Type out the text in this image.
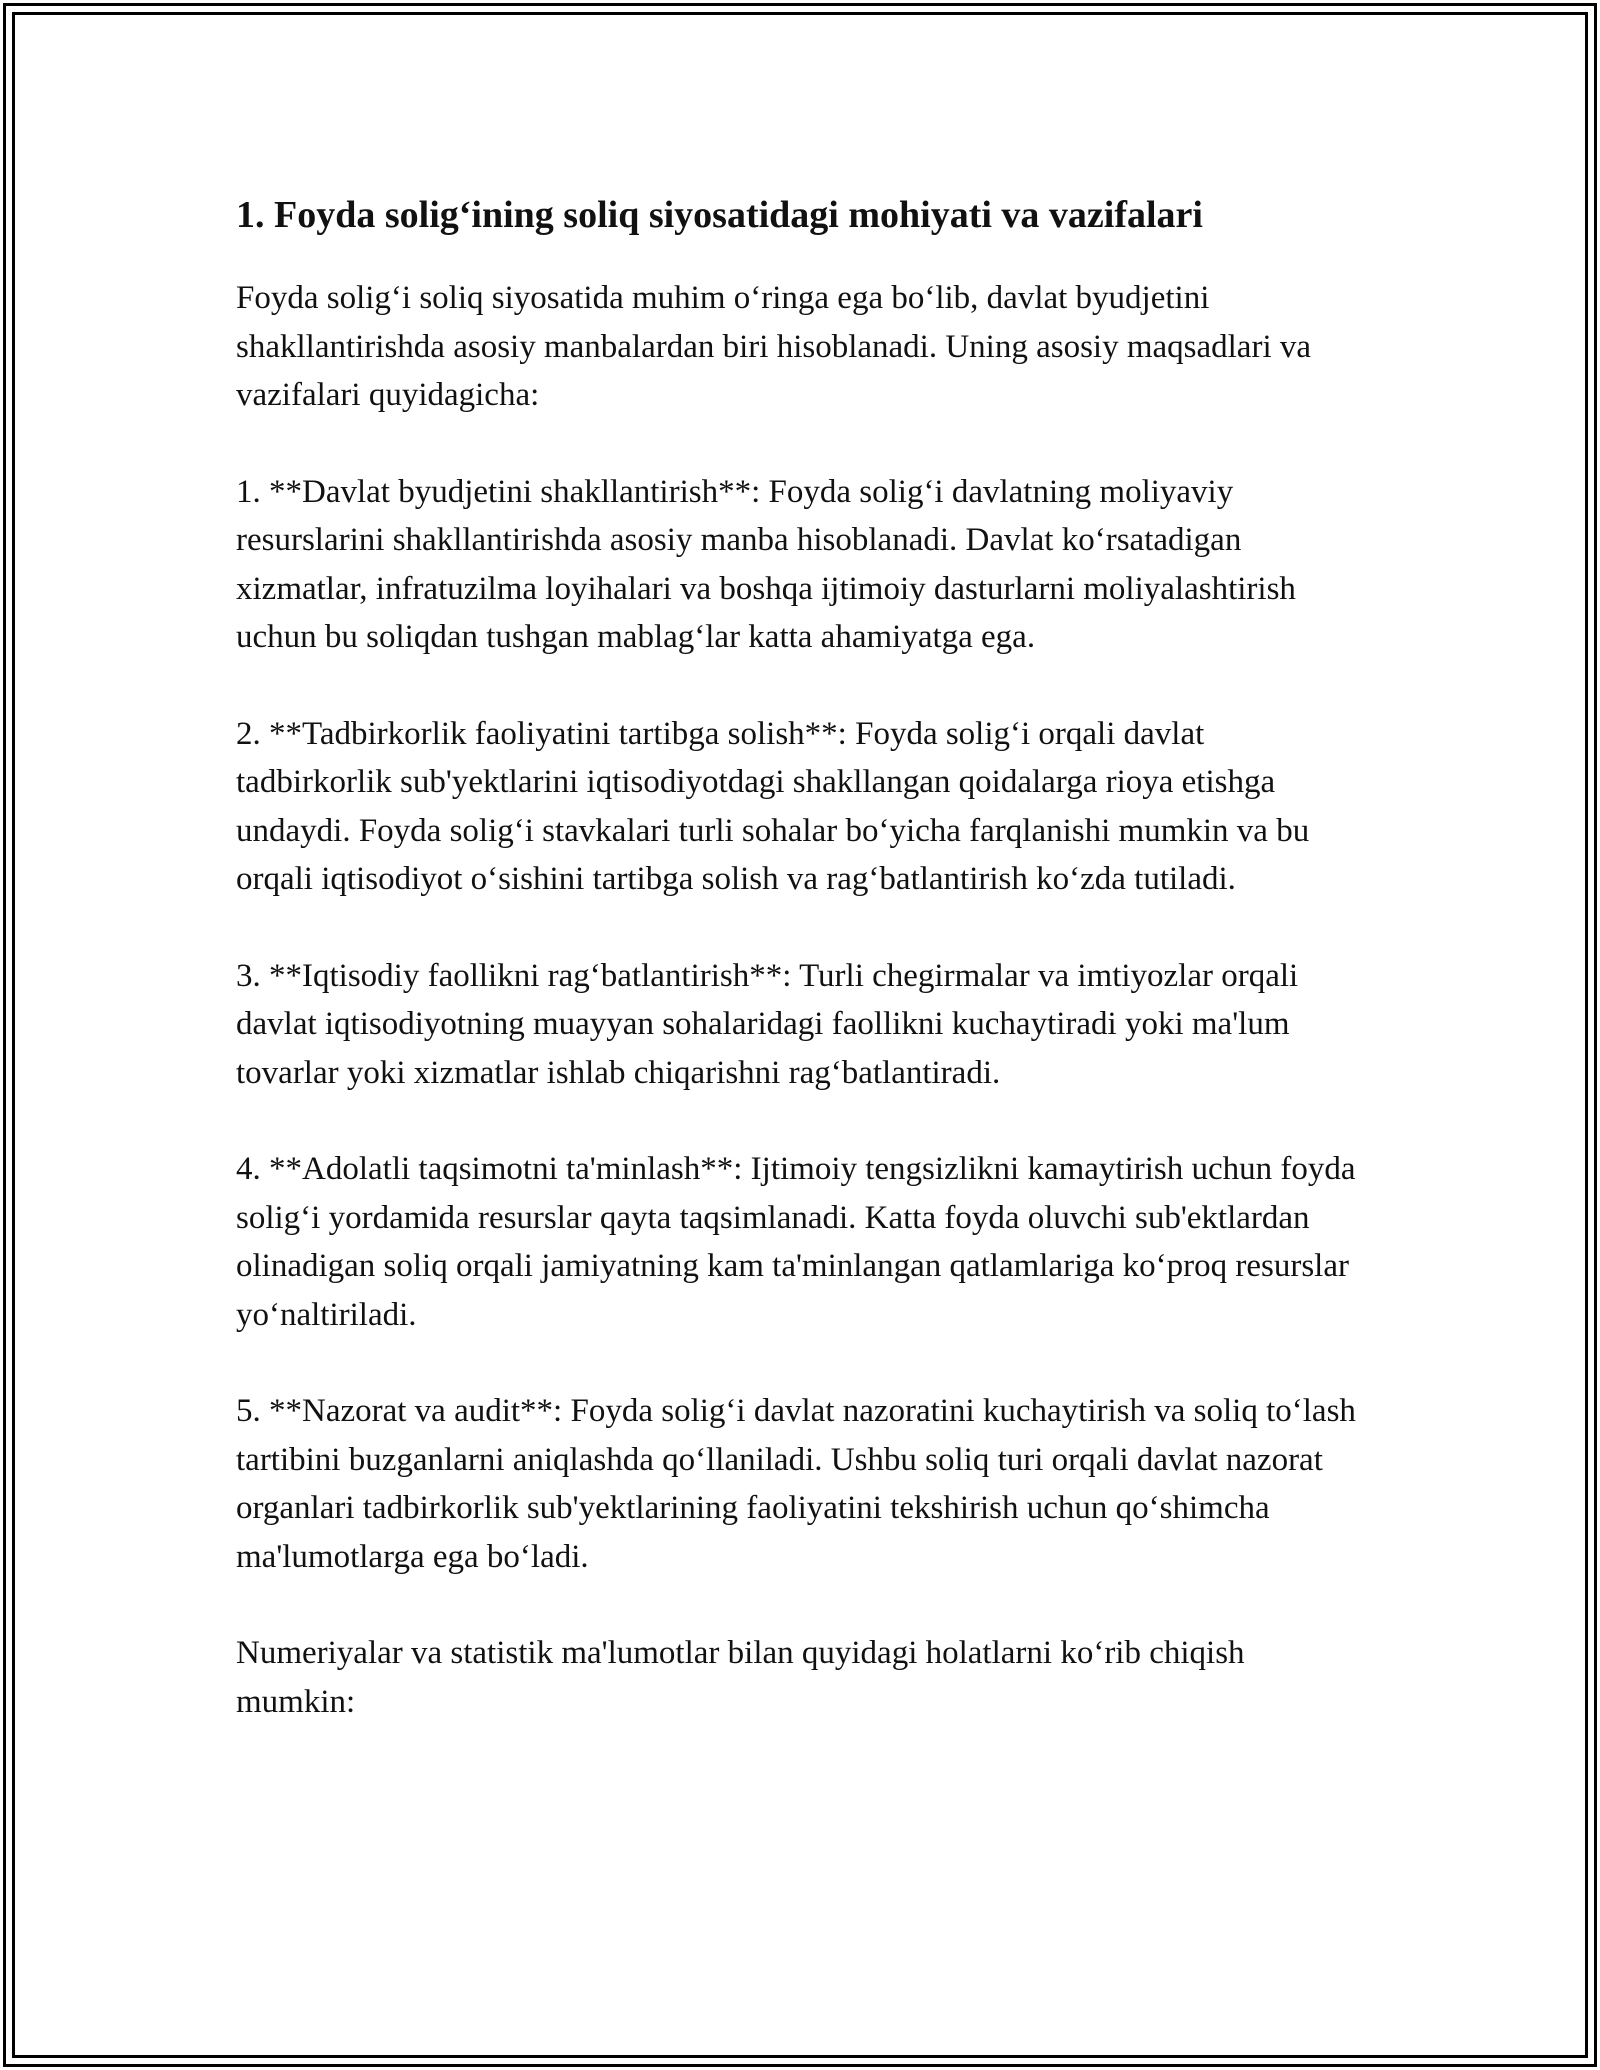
1. Foyda solig‘ining soliq siyosatidagi mohiyati va vazifalari

Foyda solig‘i soliq siyosatida muhim o‘ringa ega bo‘lib, davlat byudjetini shakllantirishda asosiy manbalardan biri hisoblanadi. Uning asosiy maqsadlari va vazifalari quyidagicha:

1. **Davlat byudjetini shakllantirish**: Foyda solig‘i davlatning moliyaviy resurslarini shakllantirishda asosiy manba hisoblanadi. Davlat ko‘rsatadigan xizmatlar, infratuzilma loyihalari va boshqa ijtimoiy dasturlarni moliyalashtirish uchun bu soliqdan tushgan mablag‘lar katta ahamiyatga ega.

2. **Tadbirkorlik faoliyatini tartibga solish**: Foyda solig‘i orqali davlat tadbirkorlik sub'yektlarini iqtisodiyotdagi shakllangan qoidalarga rioya etishga undaydi. Foyda solig‘i stavkalari turli sohalar bo‘yicha farqlanishi mumkin va bu orqali iqtisodiyot o‘sishini tartibga solish va rag‘batlantirish ko‘zda tutiladi.

3. **Iqtisodiy faollikni rag‘batlantirish**: Turli chegirmalar va imtiyozlar orqali davlat iqtisodiyotning muayyan sohalaridagi faollikni kuchaytiradi yoki ma'lum tovarlar yoki xizmatlar ishlab chiqarishni rag‘batlantiradi.

4. **Adolatli taqsimotni ta'minlash**: Ijtimoiy tengsizlikni kamaytirish uchun foyda solig‘i yordamida resurslar qayta taqsimlanadi. Katta foyda oluvchi sub'ektlardan olinadigan soliq orqali jamiyatning kam ta'minlangan qatlamlariga ko‘proq resurslar yo‘naltiriladi.

5. **Nazorat va audit**: Foyda solig‘i davlat nazoratini kuchaytirish va soliq to‘lash tartibini buzganlarni aniqlashda qo‘llaniladi. Ushbu soliq turi orqali davlat nazorat organlari tadbirkorlik sub'yektlarining faoliyatini tekshirish uchun qo‘shimcha ma'lumotlarga ega bo‘ladi.

Numeriyalar va statistik ma'lumotlar bilan quyidagi holatlarni ko‘rib chiqish mumkin:
